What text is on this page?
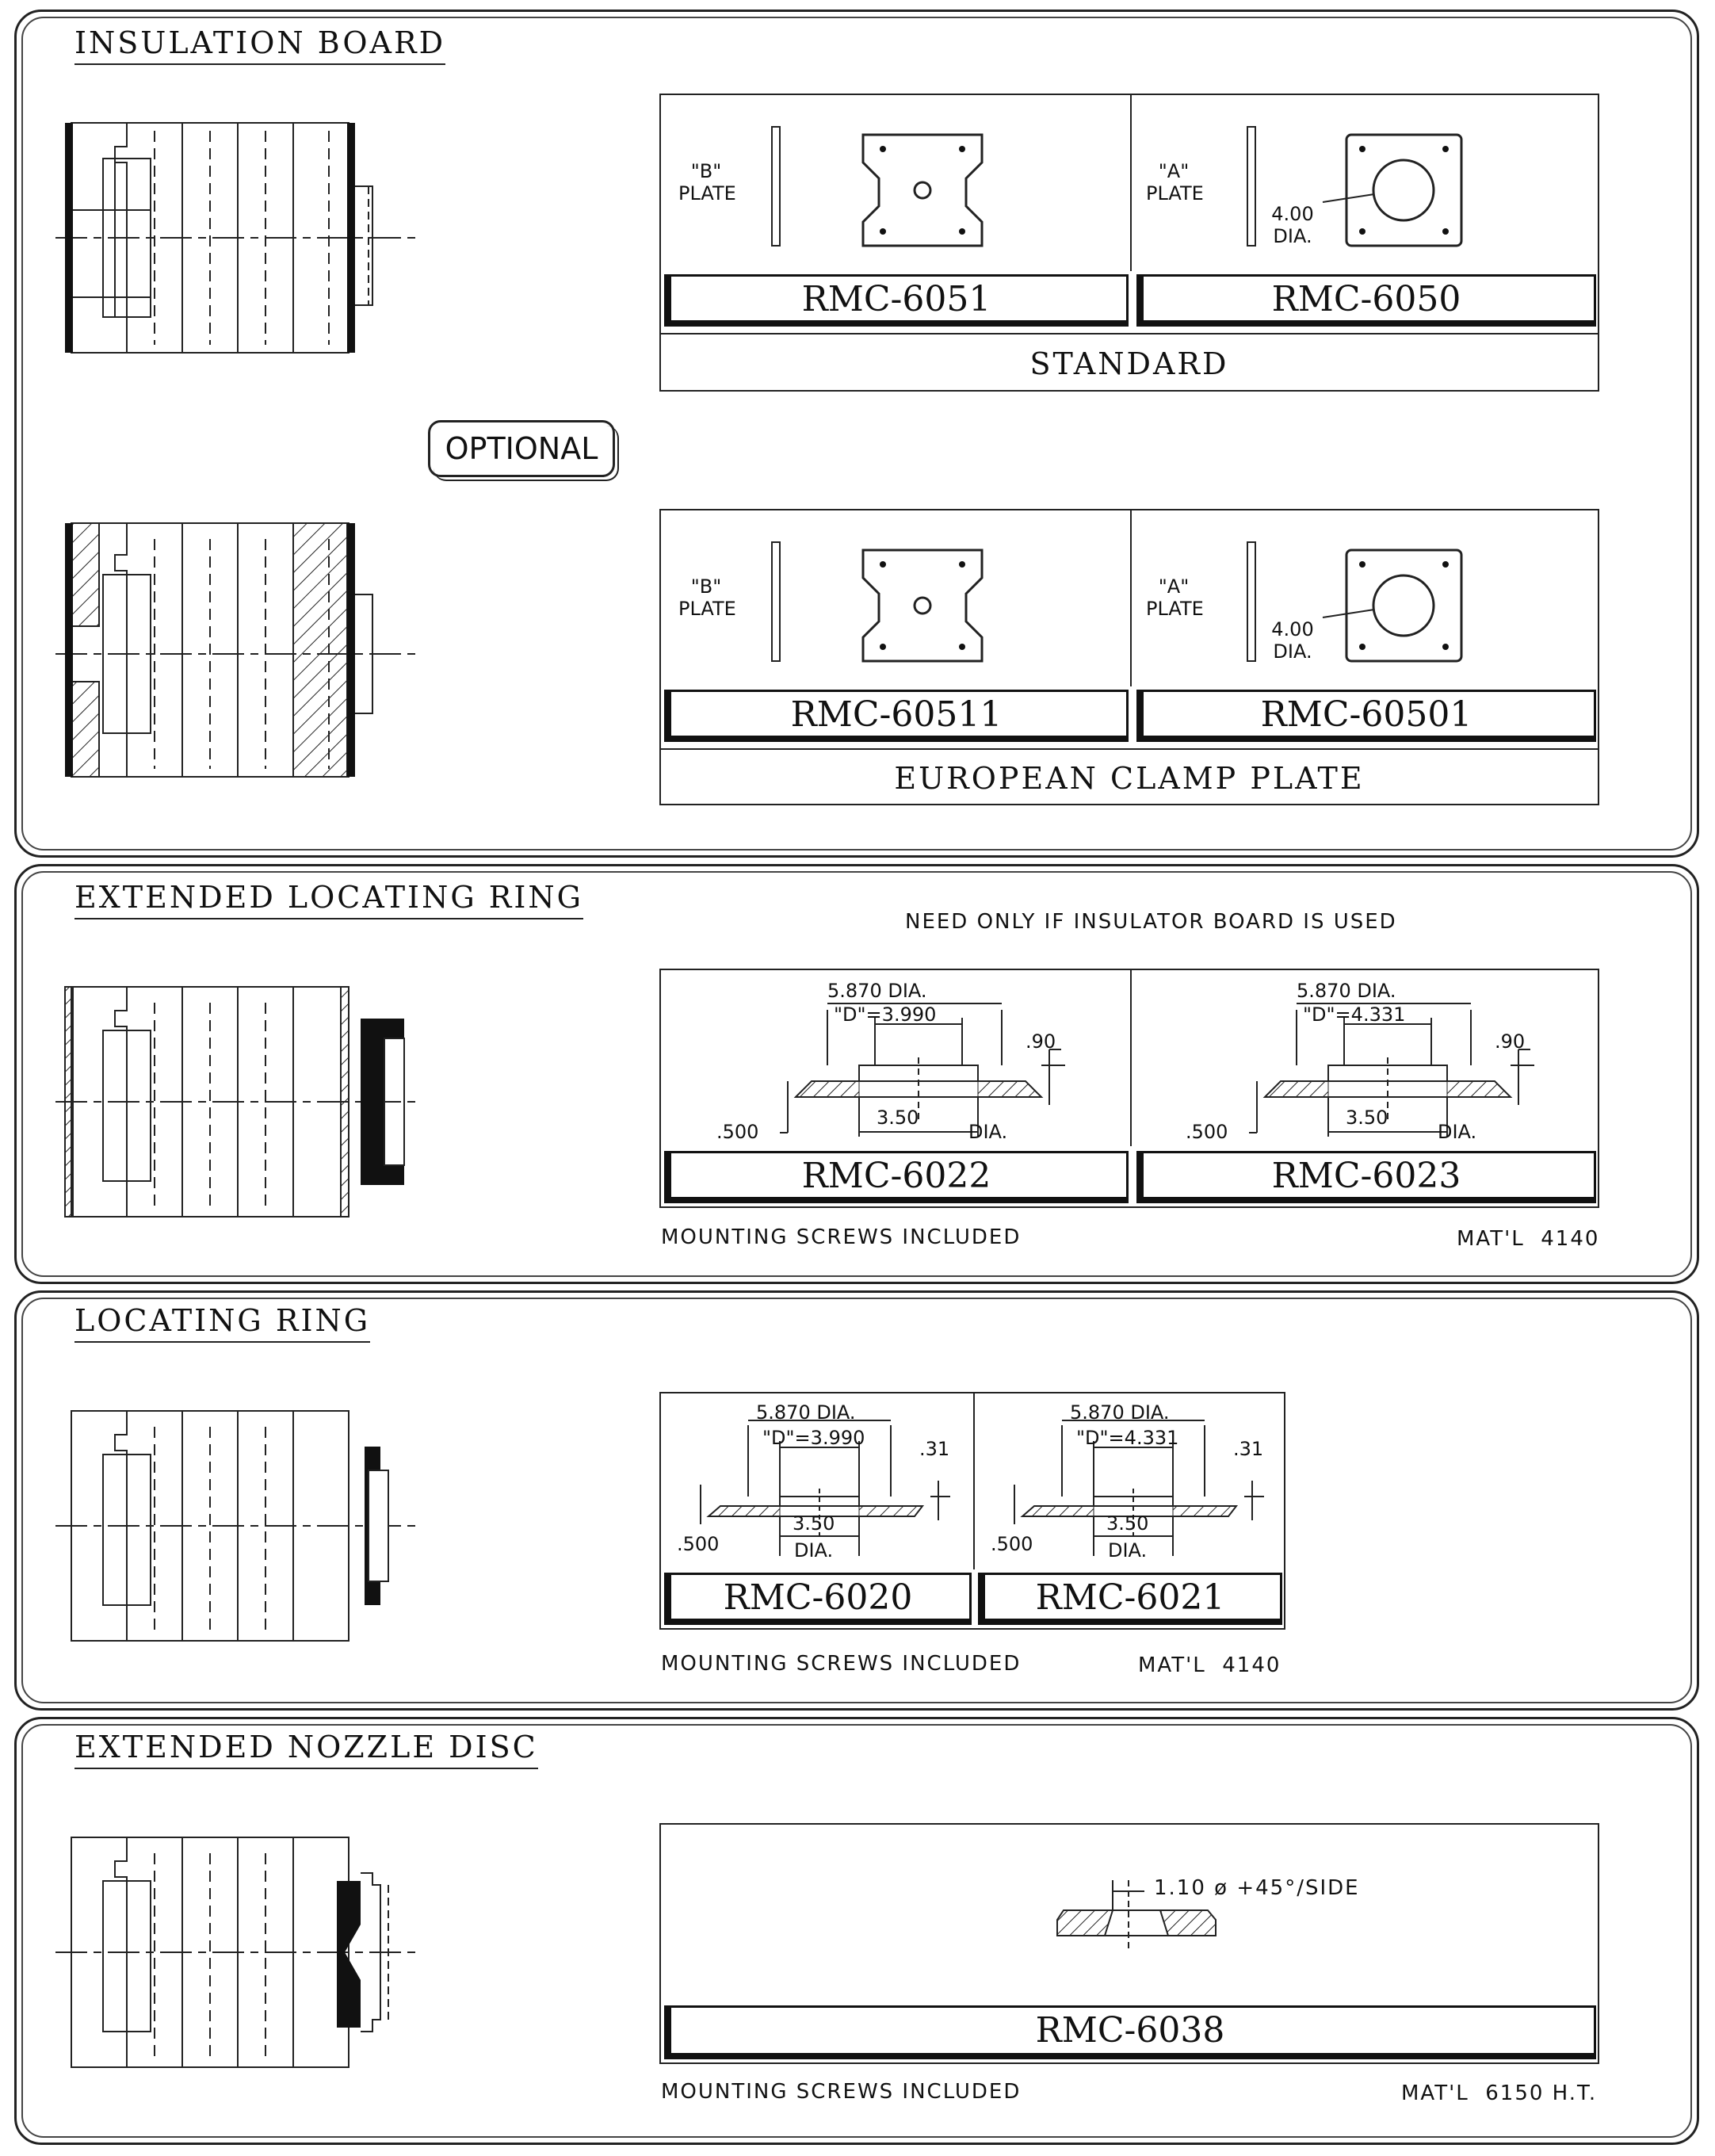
INSULATION BOARD
OPTIONAL
"B"
PLATE
"A"
PLATE
4.00
DIA.
RMC-6051	RMC-6050
STANDARD
"B"
PLATE
"A"
PLATE
4.00
DIA.
RMC-60511	RMC-60501
EUROPEAN CLAMP PLATE
EXTENDED LOCATING RING
NEED ONLY IF INSULATOR BOARD IS USED
5.870 DIA.
"D"=3.990
.90
.500
3.50
DIA.
5.870 DIA.
"D"=4.331
.90
.500
3.50
DIA.
RMC-6022	RMC-6023
MOUNTING SCREWS INCLUDED	MAT'L  4140
LOCATING RING
5.870 DIA.
"D"=3.990	.31
.500
3.50
DIA.
5.870 DIA.
"D"=4.331	.31
.500
3.50
DIA.
RMC-6020	RMC-6021
MOUNTING SCREWS INCLUDED	MAT'L  4140
EXTENDED NOZZLE DISC
1.10 ø +45°/SIDE
RMC-6038
MOUNTING SCREWS INCLUDED	MAT'L  6150 H.T.
